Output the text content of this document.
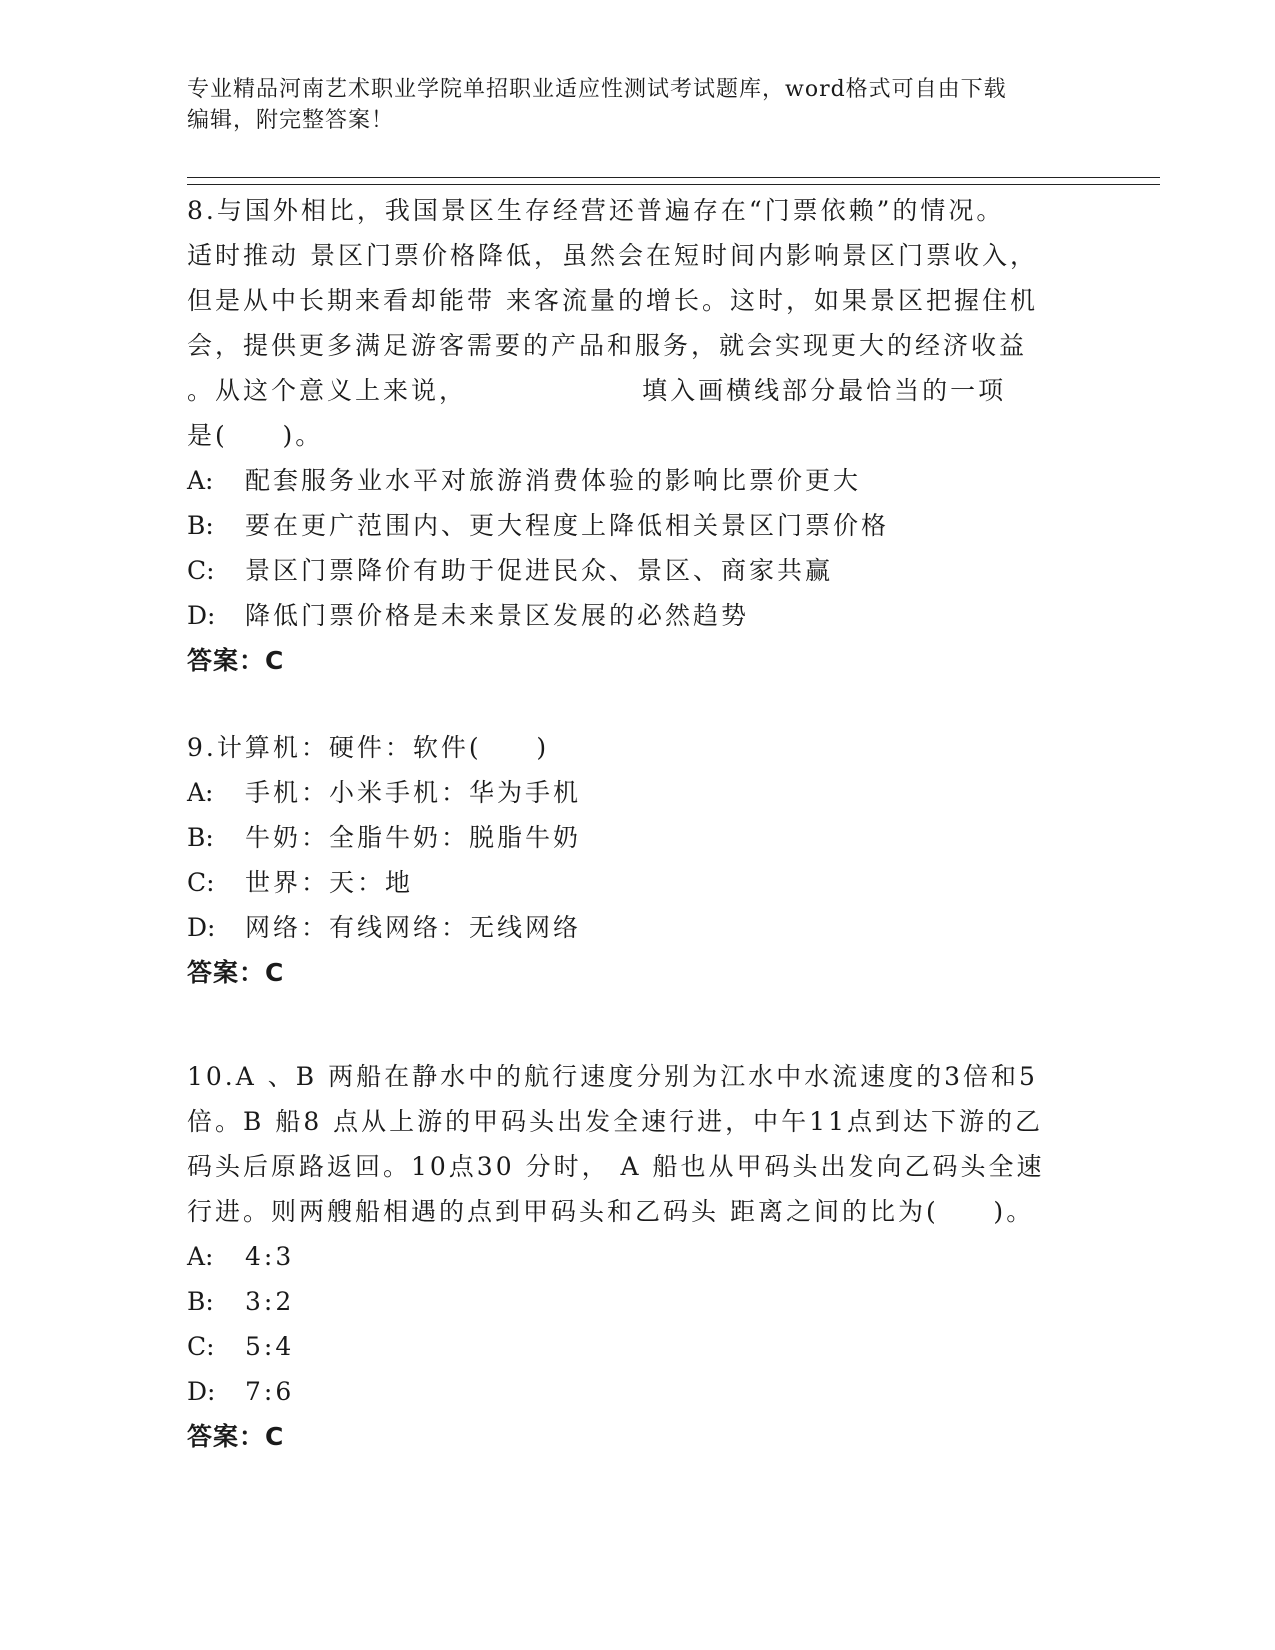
专业精品河南艺术职业学院单招职业适应性测试考试题库，word格式可自由下载
编辑，附完整答案！
8.与国外相比，我国景区生存经营还普遍存在“门票依赖”的情况。
适时推动 景区门票价格降低，虽然会在短时间内影响景区门票收入，
但是从中长期来看却能带 来客流量的增长。这时，如果景区把握住机
会，提供更多满足游客需要的产品和服务，就会实现更大的经济收益
。从这个意义上来说，                填入画横线部分最恰当的一项
是(     )。
A: 配套服务业水平对旅游消费体验的影响比票价更大
B: 要在更广范围内、更大程度上降低相关景区门票价格
C: 景区门票降价有助于促进民众、景区、商家共赢
D: 降低门票价格是未来景区发展的必然趋势
答案：C
9.计算机：硬件：软件(     )
A: 手机：小米手机：华为手机
B: 牛奶：全脂牛奶：脱脂牛奶
C: 世界：天：地
D: 网络：有线网络：无线网络
答案：C
10.A 、B 两船在静水中的航行速度分别为江水中水流速度的3倍和5
倍。B 船8 点从上游的甲码头出发全速行进，中午11点到达下游的乙
码头后原路返回。10点30 分时， A 船也从甲码头出发向乙码头全速
行进。则两艘船相遇的点到甲码头和乙码头 距离之间的比为(     )。
A: 4:3
B: 3:2
C: 5:4
D: 7:6
答案：C
